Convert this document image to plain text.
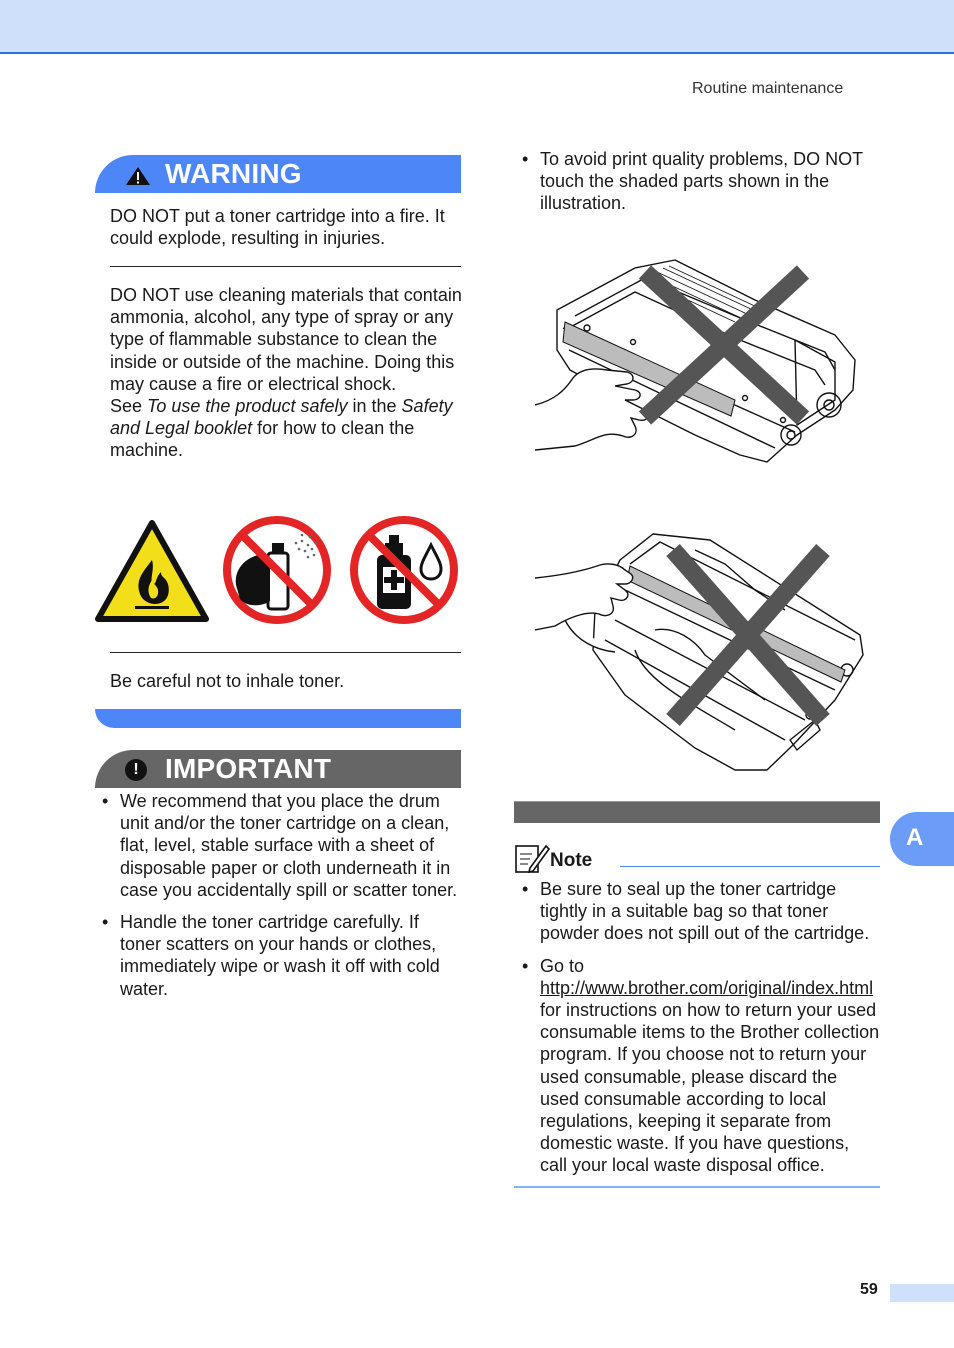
Routine maintenance
WARNING
DO NOT put a toner cartridge into a fire. It could explode, resulting in injuries.
DO NOT use cleaning materials that contain ammonia, alcohol, any type of spray or any type of flammable substance to clean the inside or outside of the machine. Doing this may cause a fire or electrical shock.
See To use the product safely in the Safety and Legal booklet for how to clean the machine.
Be careful not to inhale toner.
! IMPORTANT
• We recommend that you place the drum unit and/or the toner cartridge on a clean, flat, level, stable surface with a sheet of disposable paper or cloth underneath it in case you accidentally spill or scatter toner.
• Handle the toner cartridge carefully. If toner scatters on your hands or clothes, immediately wipe or wash it off with cold water.
• To avoid print quality problems, DO NOT touch the shaded parts shown in the illustration.
Note
• Be sure to seal up the toner cartridge tightly in a suitable bag so that toner powder does not spill out of the cartridge.
• Go to http://www.brother.com/original/index.html for instructions on how to return your used consumable items to the Brother collection program. If you choose not to return your used consumable, please discard the used consumable according to local regulations, keeping it separate from domestic waste. If you have questions, call your local waste disposal office.
A
59
